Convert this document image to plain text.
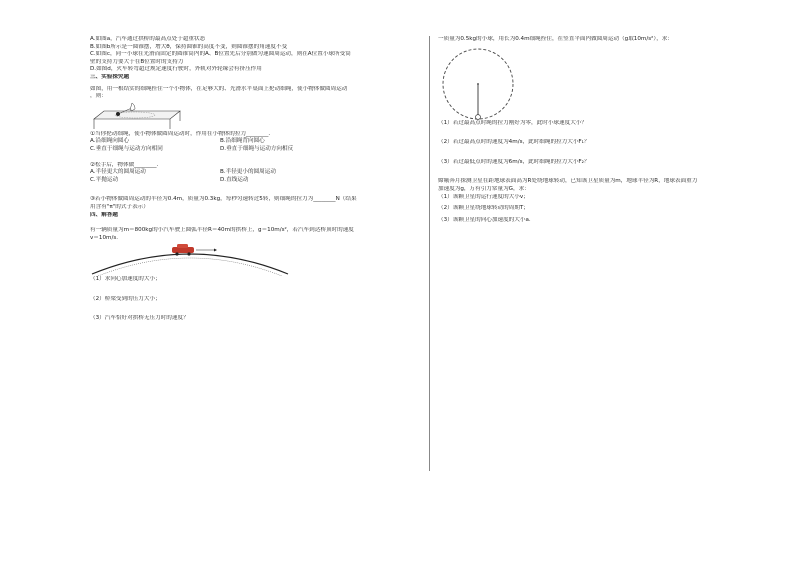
A.如图a，汽车通过拱桥的最高点处于超重状态
B.如图b所示是一圆锥摆，增大θ，保持圆锥的高度不变，则圆锥摆的角速度不变
C.如图c，同一小球在光滑而固定的圆锥筒内的A、B位置先后分别做匀速圆周运动，则在A位置小球所受筒
壁的支持力要大于在B位置时的支持力
D.如图d，火车转弯超过规定速度行驶时，外轨对外轮缘会有挤压作用
三、实验探究题
如图，用一根结实的细绳拴住一个小物体，在足够大的、光滑水平桌面上抡动细绳，使小物体做圆周运动
，则：
①当你抡动细绳，使小物体做圆周运动时，作用在小物体的拉力________．
A.沿细绳向圆心	B.沿细绳背向圆心
C.垂直于细绳与运动方向相同	D.垂直于细绳与运动方向相反
②松手后，物体做________．
A.半径更大的圆周运动	B.半径更小的圆周运动
C.平抛运动	D.直线运动
③若小物体做圆周运动的半径为0.4m，质量为0.3kg，每秒匀速转过5转，则细绳的拉力为________N（结果
用含有"π"的式子表示）
四、解答题
有一辆质量为m＝800kg的小汽车驶上圆弧半径R＝40m的拱桥上，g＝10m/s²，若汽车到达桥顶时的速度
v＝10m/s.
（1）求向心加速度的大小；
（2）桥梁受到的压力大小；
（3）汽车恰好对拱桥无压力时的速度？
一质量为0.5kg的小球，用长为0.4m细绳拴住，在竖直平面内做圆周运动（g取10m/s²），求：
（1）若过最高点时绳的拉力刚好为零，此时小球速度大小？
（2）若过最高点时的速度为4m/s，此时细绳的拉力大小F₁？
（3）若过最低点时的速度为6m/s，此时细绳的拉力大小F₂？
嫦娥奔月探测卫星在距地球表面高为R处绕地球转动，已知该卫星质量为m，地球半径为R，地球表面重力
加速度为g，万有引力常量为G，求：
（1）该颗卫星的运行速度的大小v；
（2）该颗卫星绕地球转动的周期T；
（3）该颗卫星的向心加速度的大小a.
